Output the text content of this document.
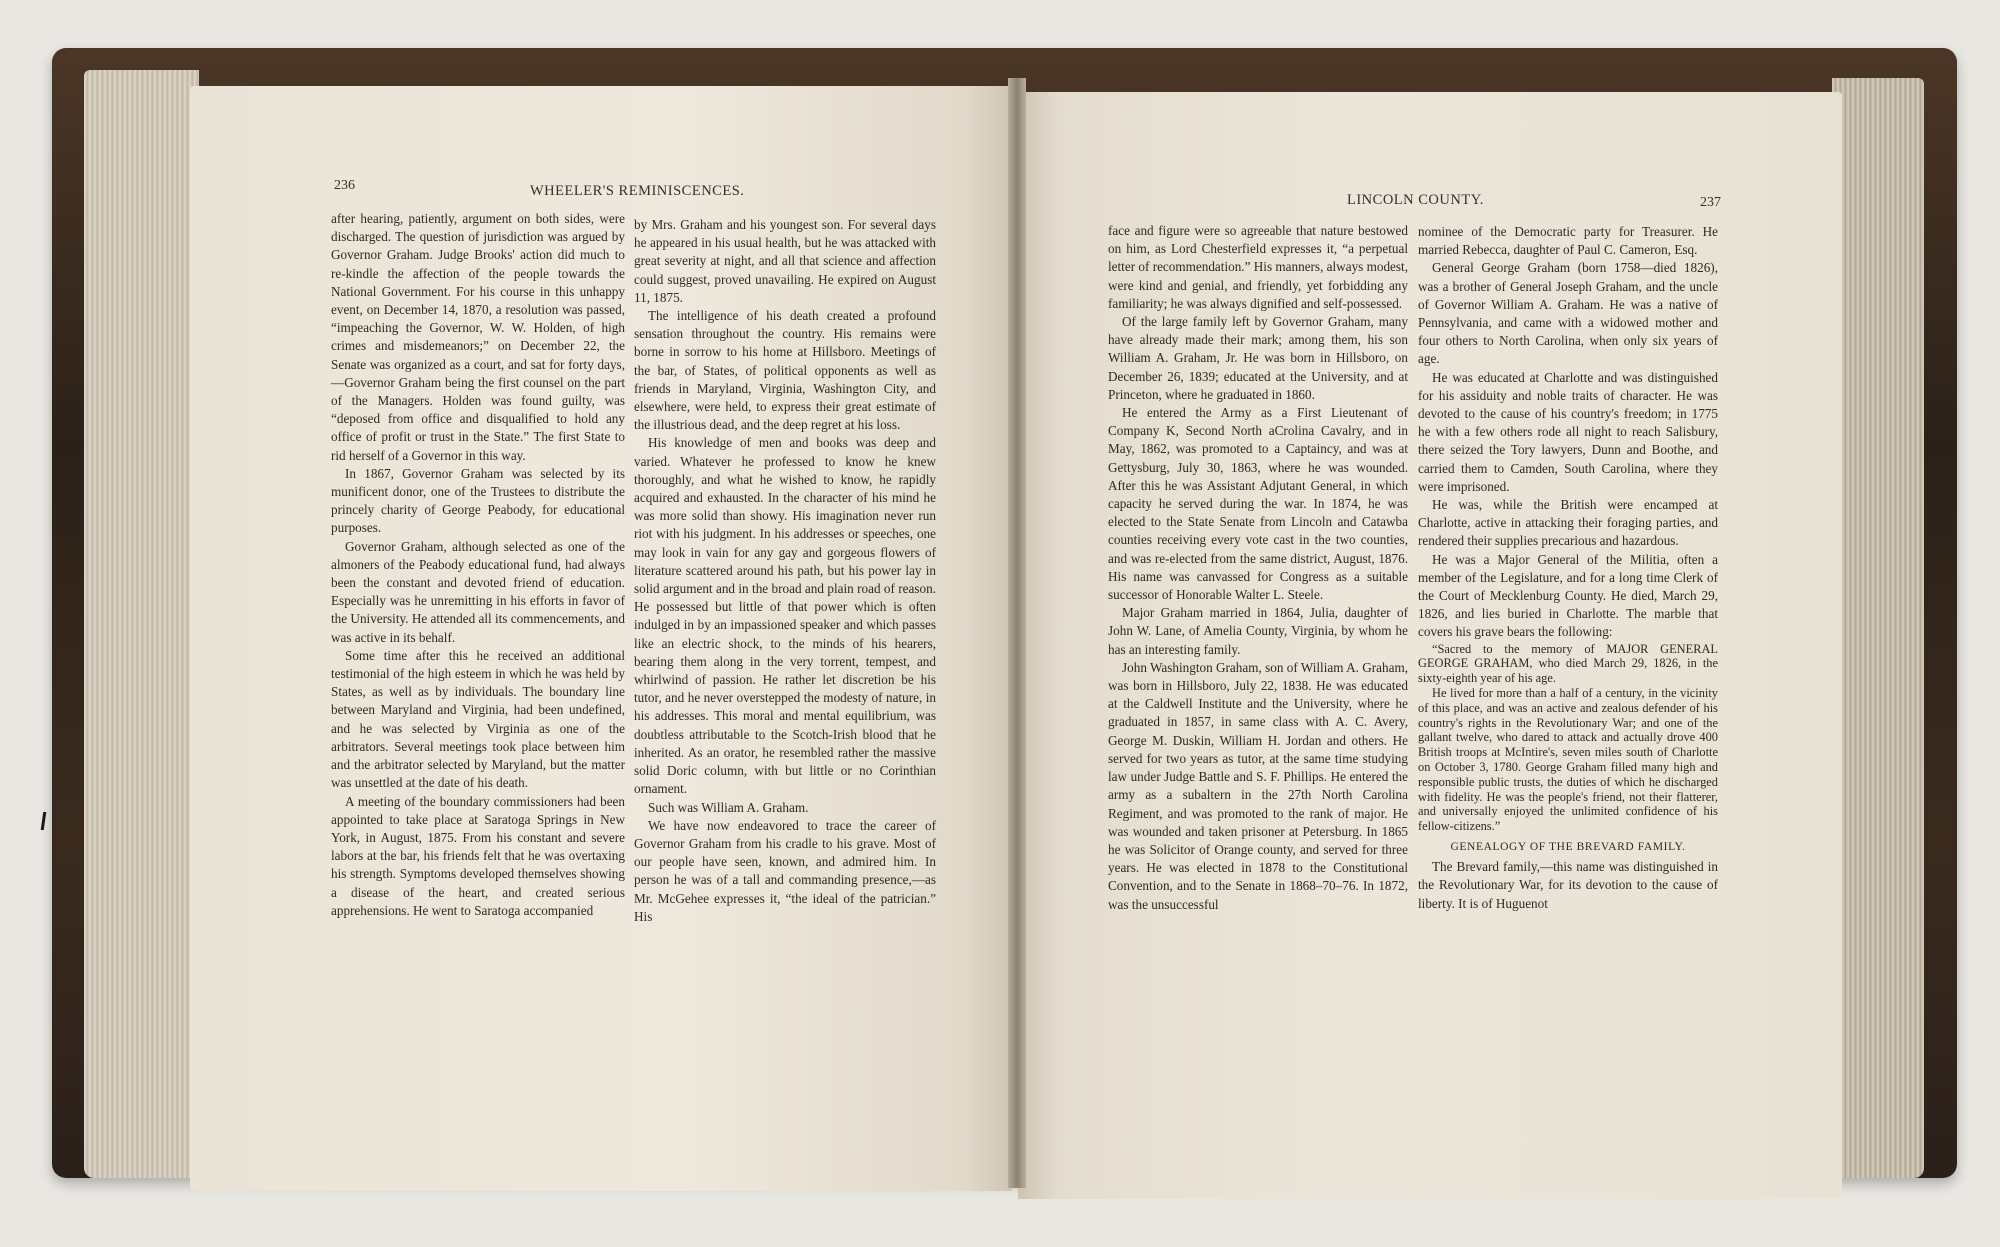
236	WHEELER'S REMINISCENCES.

after hearing, patiently, argument on both sides, were discharged. The question of jurisdiction was argued by Governor Graham. Judge Brooks' action did much to re-kindle the affection of the people towards the National Government. For his course in this unhappy event, on December 14, 1870, a resolution was passed, “impeaching the Governor, W. W. Holden, of high crimes and misdemeanors;” on December 22, the Senate was organized as a court, and sat for forty days,—Governor Graham being the first counsel on the part of the Managers. Holden was found guilty, was “deposed from office and disqualified to hold any office of profit or trust in the State.” The first State to rid herself of a Governor in this way.

In 1867, Governor Graham was selected by its munificent donor, one of the Trustees to distribute the princely charity of George Peabody, for educational purposes.

Governor Graham, although selected as one of the almoners of the Peabody educational fund, had always been the constant and devoted friend of education. Especially was he unremitting in his efforts in favor of the University. He attended all its commencements, and was active in its behalf.

Some time after this he received an additional testimonial of the high esteem in which he was held by States, as well as by individuals. The boundary line between Maryland and Virginia, had been undefined, and he was selected by Virginia as one of the arbitrators. Several meetings took place between him and the arbitrator selected by Maryland, but the matter was unsettled at the date of his death.

A meeting of the boundary commissioners had been appointed to take place at Saratoga Springs in New York, in August, 1875. From his constant and severe labors at the bar, his friends felt that he was overtaxing his strength. Symptoms developed themselves showing a disease of the heart, and created serious apprehensions. He went to Saratoga accompanied

by Mrs. Graham and his youngest son. For several days he appeared in his usual health, but he was attacked with great severity at night, and all that science and affection could suggest, proved unavailing. He expired on August 11, 1875.

The intelligence of his death created a profound sensation throughout the country. His remains were borne in sorrow to his home at Hillsboro. Meetings of the bar, of States, of political opponents as well as friends in Maryland, Virginia, Washington City, and elsewhere, were held, to express their great estimate of the illustrious dead, and the deep regret at his loss.

His knowledge of men and books was deep and varied. Whatever he professed to know he knew thoroughly, and what he wished to know, he rapidly acquired and exhausted. In the character of his mind he was more solid than showy. His imagination never run riot with his judgment. In his addresses or speeches, one may look in vain for any gay and gorgeous flowers of literature scattered around his path, but his power lay in solid argument and in the broad and plain road of reason. He possessed but little of that power which is often indulged in by an impassioned speaker and which passes like an electric shock, to the minds of his hearers, bearing them along in the very torrent, tempest, and whirlwind of passion. He rather let discretion be his tutor, and he never overstepped the modesty of nature, in his addresses. This moral and mental equilibrium, was doubtless attributable to the Scotch-Irish blood that he inherited. As an orator, he resembled rather the massive solid Doric column, with but little or no Corinthian ornament.

Such was William A. Graham.

We have now endeavored to trace the career of Governor Graham from his cradle to his grave. Most of our people have seen, known, and admired him. In person he was of a tall and commanding presence,—as Mr. McGehee expresses it, “the ideal of the patrician.” His

LINCOLN COUNTY.	237

face and figure were so agreeable that nature bestowed on him, as Lord Chesterfield expresses it, “a perpetual letter of recommendation.” His manners, always modest, were kind and genial, and friendly, yet forbidding any familiarity; he was always dignified and self-possessed.

Of the large family left by Governor Graham, many have already made their mark; among them, his son William A. Graham, Jr. He was born in Hillsboro, on December 26, 1839; educated at the University, and at Princeton, where he graduated in 1860.

He entered the Army as a First Lieutenant of Company K, Second North aCrolina Cavalry, and in May, 1862, was promoted to a Captaincy, and was at Gettysburg, July 30, 1863, where he was wounded. After this he was Assistant Adjutant General, in which capacity he served during the war. In 1874, he was elected to the State Senate from Lincoln and Catawba counties receiving every vote cast in the two counties, and was re-elected from the same district, August, 1876. His name was canvassed for Congress as a suitable successor of Honorable Walter L. Steele.

Major Graham married in 1864, Julia, daughter of John W. Lane, of Amelia County, Virginia, by whom he has an interesting family.

John Washington Graham, son of William A. Graham, was born in Hillsboro, July 22, 1838. He was educated at the Caldwell Institute and the University, where he graduated in 1857, in same class with A. C. Avery, George M. Duskin, William H. Jordan and others. He served for two years as tutor, at the same time studying law under Judge Battle and S. F. Phillips. He entered the army as a subaltern in the 27th North Carolina Regiment, and was promoted to the rank of major. He was wounded and taken prisoner at Petersburg. In 1865 he was Solicitor of Orange county, and served for three years. He was elected in 1878 to the Constitutional Convention, and to the Senate in 1868–70–76. In 1872, was the unsuccessful

nominee of the Democratic party for Treasurer. He married Rebecca, daughter of Paul C. Cameron, Esq.

General George Graham (born 1758—died 1826), was a brother of General Joseph Graham, and the uncle of Governor William A. Graham. He was a native of Pennsylvania, and came with a widowed mother and four others to North Carolina, when only six years of age.

He was educated at Charlotte and was distinguished for his assiduity and noble traits of character. He was devoted to the cause of his country's freedom; in 1775 he with a few others rode all night to reach Salisbury, there seized the Tory lawyers, Dunn and Boothe, and carried them to Camden, South Carolina, where they were imprisoned.

He was, while the British were encamped at Charlotte, active in attacking their foraging parties, and rendered their supplies precarious and hazardous.

He was a Major General of the Militia, often a member of the Legislature, and for a long time Clerk of the Court of Mecklenburg County. He died, March 29, 1826, and lies buried in Charlotte. The marble that covers his grave bears the following:

“Sacred to the memory of MAJOR GENERAL GEORGE GRAHAM, who died March 29, 1826, in the sixty-eighth year of his age.

He lived for more than a half of a century, in the vicinity of this place, and was an active and zealous defender of his country's rights in the Revolutionary War; and one of the gallant twelve, who dared to attack and actually drove 400 British troops at McIntire's, seven miles south of Charlotte on October 3, 1780. George Graham filled many high and responsible public trusts, the duties of which he discharged with fidelity. He was the people's friend, not their flatterer, and universally enjoyed the unlimited confidence of his fellow-citizens.”

GENEALOGY OF THE BREVARD FAMILY.

The Brevard family,—this name was distinguished in the Revolutionary War, for its devotion to the cause of liberty. It is of Huguenot
